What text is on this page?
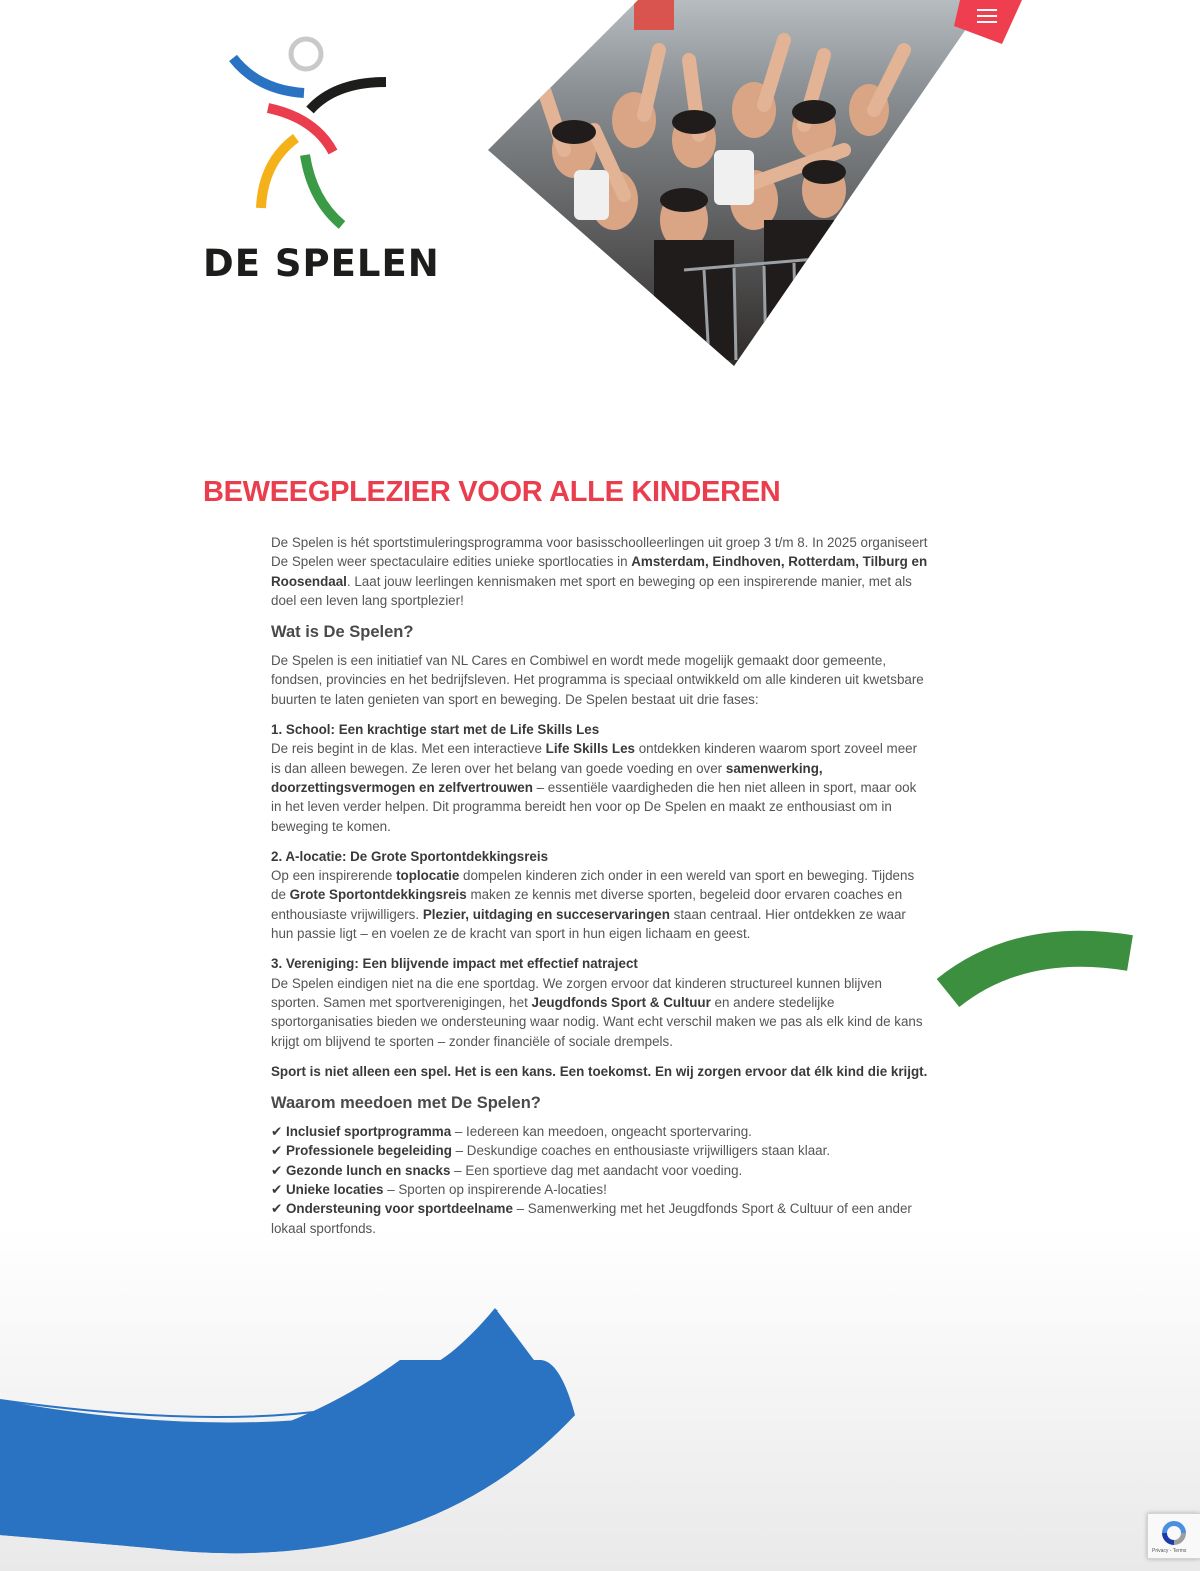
DE SPELEN
BEWEEGPLEZIER VOOR ALLE KINDEREN

De Spelen is hét sportstimuleringsprogramma voor basisschoolleerlingen uit groep 3 t/m 8. In 2025 organiseert De Spelen weer spectaculaire edities unieke sportlocaties in Amsterdam, Eindhoven, Rotterdam, Tilburg en Roosendaal. Laat jouw leerlingen kennismaken met sport en beweging op een inspirerende manier, met als doel een leven lang sportplezier!

Wat is De Spelen?

De Spelen is een initiatief van NL Cares en Combiwel en wordt mede mogelijk gemaakt door gemeente, fondsen, provincies en het bedrijfsleven. Het programma is speciaal ontwikkeld om alle kinderen uit kwetsbare buurten te laten genieten van sport en beweging. De Spelen bestaat uit drie fases:

1. School: Een krachtige start met de Life Skills Les
De reis begint in de klas. Met een interactieve Life Skills Les ontdekken kinderen waarom sport zoveel meer is dan alleen bewegen. Ze leren over het belang van goede voeding en over samenwerking, doorzettingsvermogen en zelfvertrouwen – essentiële vaardigheden die hen niet alleen in sport, maar ook in het leven verder helpen. Dit programma bereidt hen voor op De Spelen en maakt ze enthousiast om in beweging te komen.

2. A-locatie: De Grote Sportontdekkingsreis
Op een inspirerende toplocatie dompelen kinderen zich onder in een wereld van sport en beweging. Tijdens de Grote Sportontdekkingsreis maken ze kennis met diverse sporten, begeleid door ervaren coaches en enthousiaste vrijwilligers. Plezier, uitdaging en succeservaringen staan centraal. Hier ontdekken ze waar hun passie ligt – en voelen ze de kracht van sport in hun eigen lichaam en geest.

3. Vereniging: Een blijvende impact met effectief natraject
De Spelen eindigen niet na die ene sportdag. We zorgen ervoor dat kinderen structureel kunnen blijven sporten. Samen met sportverenigingen, het Jeugdfonds Sport & Cultuur en andere stedelijke sportorganisaties bieden we ondersteuning waar nodig. Want echt verschil maken we pas als elk kind de kans krijgt om blijvend te sporten – zonder financiële of sociale drempels.

Sport is niet alleen een spel. Het is een kans. Een toekomst. En wij zorgen ervoor dat élk kind die krijgt.

Waarom meedoen met De Spelen?
✔ Inclusief sportprogramma – Iedereen kan meedoen, ongeacht sportervaring.
✔ Professionele begeleiding – Deskundige coaches en enthousiaste vrijwilligers staan klaar.
✔ Gezonde lunch en snacks – Een sportieve dag met aandacht voor voeding.
✔ Unieke locaties – Sporten op inspirerende A-locaties!
✔ Ondersteuning voor sportdeelname – Samenwerking met het Jeugdfonds Sport & Cultuur of een ander lokaal sportfonds.
Privacy - Terms
